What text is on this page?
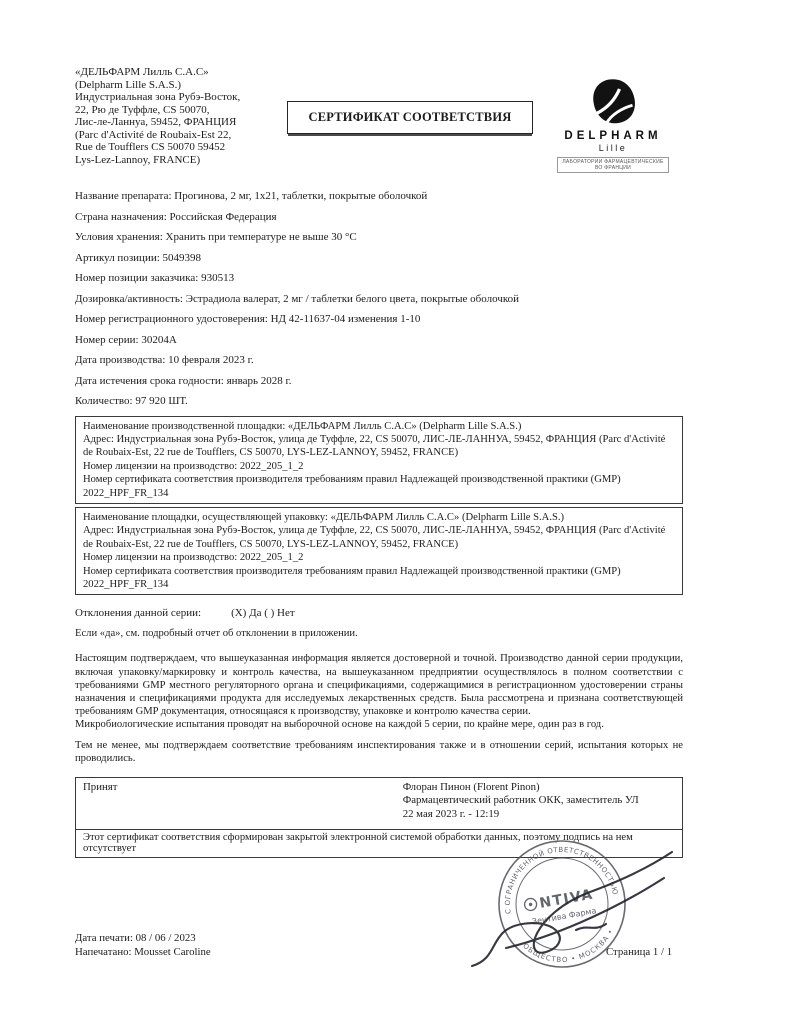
«ДЕЛЬФАРМ Лилль С.А.С»
(Delpharm Lille S.A.S.)
Индустриальная зона Рубэ-Восток,
22, Рю де Туффле, CS 50070,
Лис-ле-Ланнуа, 59452, ФРАНЦИЯ
(Parc d'Activité de Roubaix-Est 22,
Rue de Toufflers CS 50070 59452
Lys-Lez-Lannoy, FRANCE)
СЕРТИФИКАТ СООТВЕТСТВИЯ
DELPHARM
Lille
ЛАБОРАТОРИИ ФАРМАЦЕВТИЧЕСКИЕ ВО ФРАНЦИИ
Название препарата: Прогинова, 2 мг, 1х21, таблетки, покрытые оболочкой
Страна назначения: Российская Федерация
Условия хранения: Хранить при температуре не выше 30 °С
Артикул позиции: 5049398
Номер позиции заказчика: 930513
Дозировка/активность: Эстрадиола валерат, 2 мг / таблетки белого цвета, покрытые оболочкой
Номер регистрационного удостоверения: НД 42-11637-04 изменения 1-10
Номер серии: 30204А
Дата производства: 10 февраля 2023 г.
Дата истечения срока годности: январь 2028 г.
Количество: 97 920 ШТ.
Наименование производственной площадки: «ДЕЛЬФАРМ Лилль С.А.С» (Delpharm Lille S.A.S.)
Адрес: Индустриальная зона Рубэ-Восток, улица де Туффле, 22, CS 50070, ЛИС-ЛЕ-ЛАННУА, 59452, ФРАНЦИЯ (Parc d'Activité de Roubaix-Est, 22 rue de Toufflers, CS 50070, LYS-LEZ-LANNOY, 59452, FRANCE)
Номер лицензии на производство: 2022_205_1_2
Номер сертификата соответствия производителя требованиям правил Надлежащей производственной практики (GMP) 2022_HPF_FR_134
Наименование площадки, осуществляющей упаковку: «ДЕЛЬФАРМ Лилль С.А.С» (Delpharm Lille S.A.S.)
Адрес: Индустриальная зона Рубэ-Восток, улица де Туффле, 22, CS 50070, ЛИС-ЛЕ-ЛАННУА, 59452, ФРАНЦИЯ (Parc d'Activité de Roubaix-Est, 22 rue de Toufflers, CS 50070, LYS-LEZ-LANNOY, 59452, FRANCE)
Номер лицензии на производство: 2022_205_1_2
Номер сертификата соответствия производителя требованиям правил Надлежащей производственной практики (GMP) 2022_HPF_FR_134
Отклонения данной серии:	(X) Да ( ) Нет
Если «да», см. подробный отчет об отклонении в приложении.
Настоящим подтверждаем, что вышеуказанная информация является достоверной и точной. Производство данной серии продукции, включая упаковку/маркировку и контроль качества, на вышеуказанном предприятии осуществлялось в полном соответствии с требованиями GMP местного регуляторного органа и спецификациями, содержащимися в регистрационном удостоверении страны назначения и спецификациями продукта для исследуемых лекарственных средств. Была рассмотрена и признана соответствующей требованиям GMP документация, относящаяся к производству, упаковке и контролю качества серии.
Микробиологические испытания проводят на выборочной основе на каждой 5 серии, по крайне мере, один раз в год.
Тем не менее, мы подтверждаем соответствие требованиям инспектирования также и в отношении серий, испытания которых не проводились.
Принят	Флоран Пинон (Florent Pinon)
Фармацевтический работник ОКК, заместитель УЛ
22 мая 2023 г. - 12:19
Этот сертификат соответствия сформирован закрытой электронной системой обработки данных, поэтому подпись на нем отсутствует
С ОГРАНИЧЕННОЙ ОТВЕТСТВЕННОСТЬЮ
ОБЩЕСТВО • МОСКВА •
NTIVA
Зентива Фарма
Дата печати: 08 / 06 / 2023
Напечатано: Mousset Caroline	Страница 1 / 1
